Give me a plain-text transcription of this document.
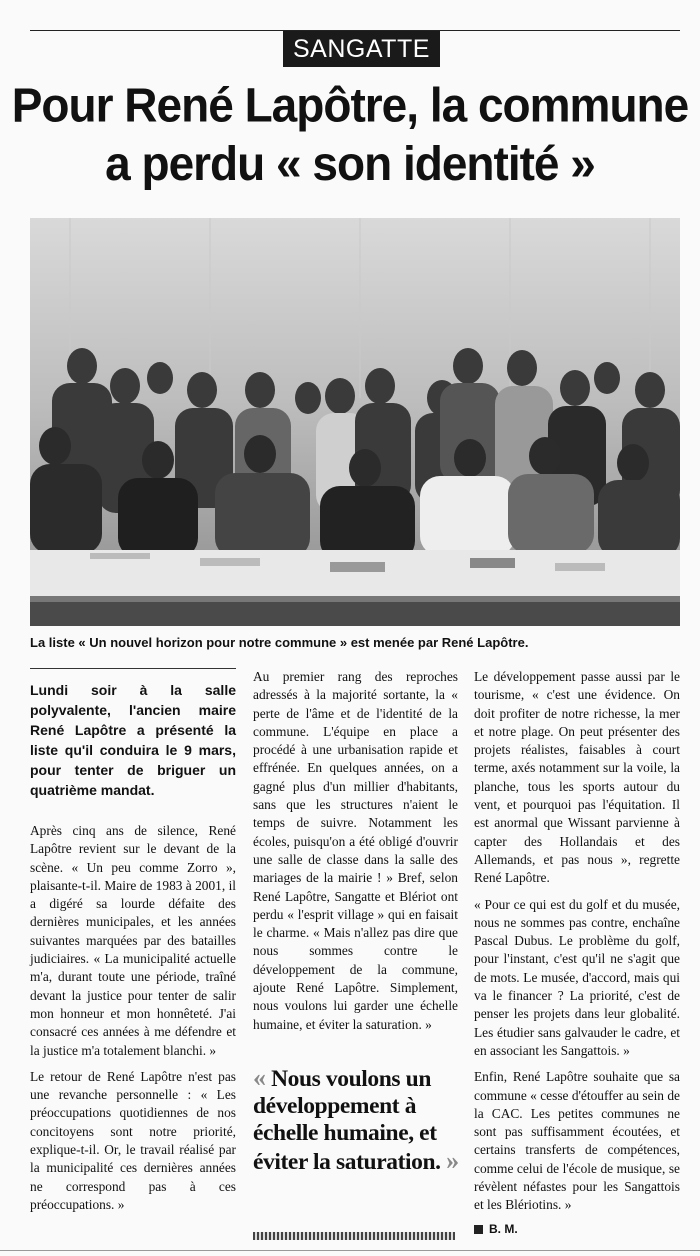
SANGATTE
Pour René Lapôtre, la commune a perdu « son identité »
La liste « Un nouvel horizon pour notre commune » est menée par René Lapôtre.
Lundi soir à la salle polyvalente, l'ancien maire René Lapôtre a présenté la liste qu'il conduira le 9 mars, pour tenter de briguer un quatrième mandat.

Après cinq ans de silence, René Lapôtre revient sur le devant de la scène. « Un peu comme Zorro », plaisante-t-il. Maire de 1983 à 2001, il a digéré sa lourde défaite des dernières municipales, et les années suivantes marquées par des batailles judiciaires. « La municipalité actuelle m'a, durant toute une période, traîné devant la justice pour tenter de salir mon honneur et mon honnêteté. J'ai consacré ces années à me défendre et la justice m'a totalement blanchi. »

Le retour de René Lapôtre n'est pas une revanche personnelle : « Les préoccupations quotidiennes de nos concitoyens sont notre priorité, explique-t-il. Or, le travail réalisé par la municipalité ces dernières années ne correspond pas à ces préoccupations. »

Au premier rang des reproches adressés à la majorité sortante, la « perte de l'âme et de l'identité de la commune. L'équipe en place a procédé à une urbanisation rapide et effrénée. En quelques années, on a gagné plus d'un millier d'habitants, sans que les structures n'aient le temps de suivre. Notamment les écoles, puisqu'on a été obligé d'ouvrir une salle de classe dans la salle des mariages de la mairie ! » Bref, selon René Lapôtre, Sangatte et Blériot ont perdu « l'esprit village » qui en faisait le charme. « Mais n'allez pas dire que nous sommes contre le développement de la commune, ajoute René Lapôtre. Simplement, nous voulons lui garder une échelle humaine, et éviter la saturation. »

« Nous voulons un développement à échelle humaine, et éviter la saturation. »

Le développement passe aussi par le tourisme, « c'est une évidence. On doit profiter de notre richesse, la mer et notre plage. On peut présenter des projets réalistes, faisables à court terme, axés notamment sur la voile, la planche, tous les sports autour du vent, et pourquoi pas l'équitation. Il est anormal que Wissant parvienne à capter des Hollandais et des Allemands, et pas nous », regrette René Lapôtre.

« Pour ce qui est du golf et du musée, nous ne sommes pas contre, enchaîne Pascal Dubus. Le problème du golf, pour l'instant, c'est qu'il ne s'agit que de mots. Le musée, d'accord, mais qui va le financer ? La priorité, c'est de penser les projets dans leur globalité. Les étudier sans galvauder le cadre, et en associant les Sangattois. »

Enfin, René Lapôtre souhaite que sa commune « cesse d'étouffer au sein de la CAC. Les petites communes ne sont pas suffisamment écoutées, et certains transferts de compétences, comme celui de l'école de musique, se révèlent néfastes pour les Sangattois et les Blériotins. »

B. M.
